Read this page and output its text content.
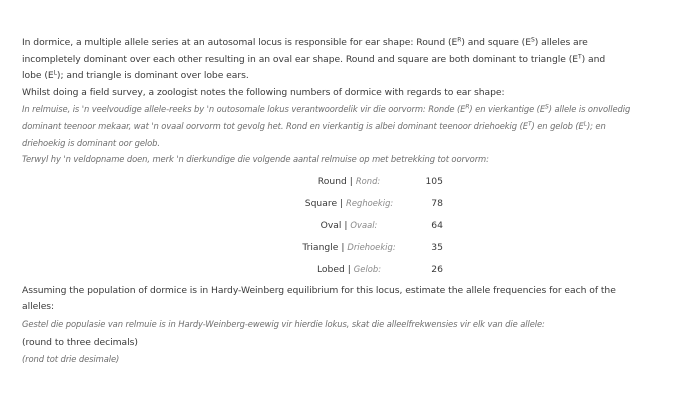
In dormice, a multiple allele series at an autosomal locus is responsible for ear shape: Round $(E^R)$ and square $(E^S)$ alleles are
incompletely dominant over each other resulting in an oval ear shape. Round and square are both dominant to triangle $(E^T)$ and
lobe $(E^L)$; and triangle is dominant over lobe ears.
Whilst doing a field survey, a zoologist notes the following numbers of dormice with regards to ear shape:
In relmuise, is 'n veelvoudige allele-reeks by 'n outosomale lokus verantwoordelik vir die oorvorm: Ronde $(E^R)$ en vierkantige $(E^S)$ allele is onvolledig
dominant teenoor mekaar, wat 'n ovaal oorvorm tot gevolg het. Rond en vierkantig is albei dominant teenoor driehoekig $(E^T)$ en gelob $(E^L)$; en
driehoekig is dominant oor gelob.
Terwyl hy 'n veldopname doen, merk 'n dierkundige die volgende aantal relmuise op met betrekking tot oorvorm:
Round | Rond:	105
Square | Reghoekig:	78
Oval | Ovaal:	64
Triangle | Driehoekig:	35
Lobed | Gelob:	26
Assuming the population of dormice is in Hardy-Weinberg equilibrium for this locus, estimate the allele frequencies for each of the
alleles:
Gestel die populasie van relmuie is in Hardy-Weinberg-ewewig vir hierdie lokus, skat die alleelfrekwensies vir elk van die allele:
(round to three decimals)
(rond tot drie desimale)
